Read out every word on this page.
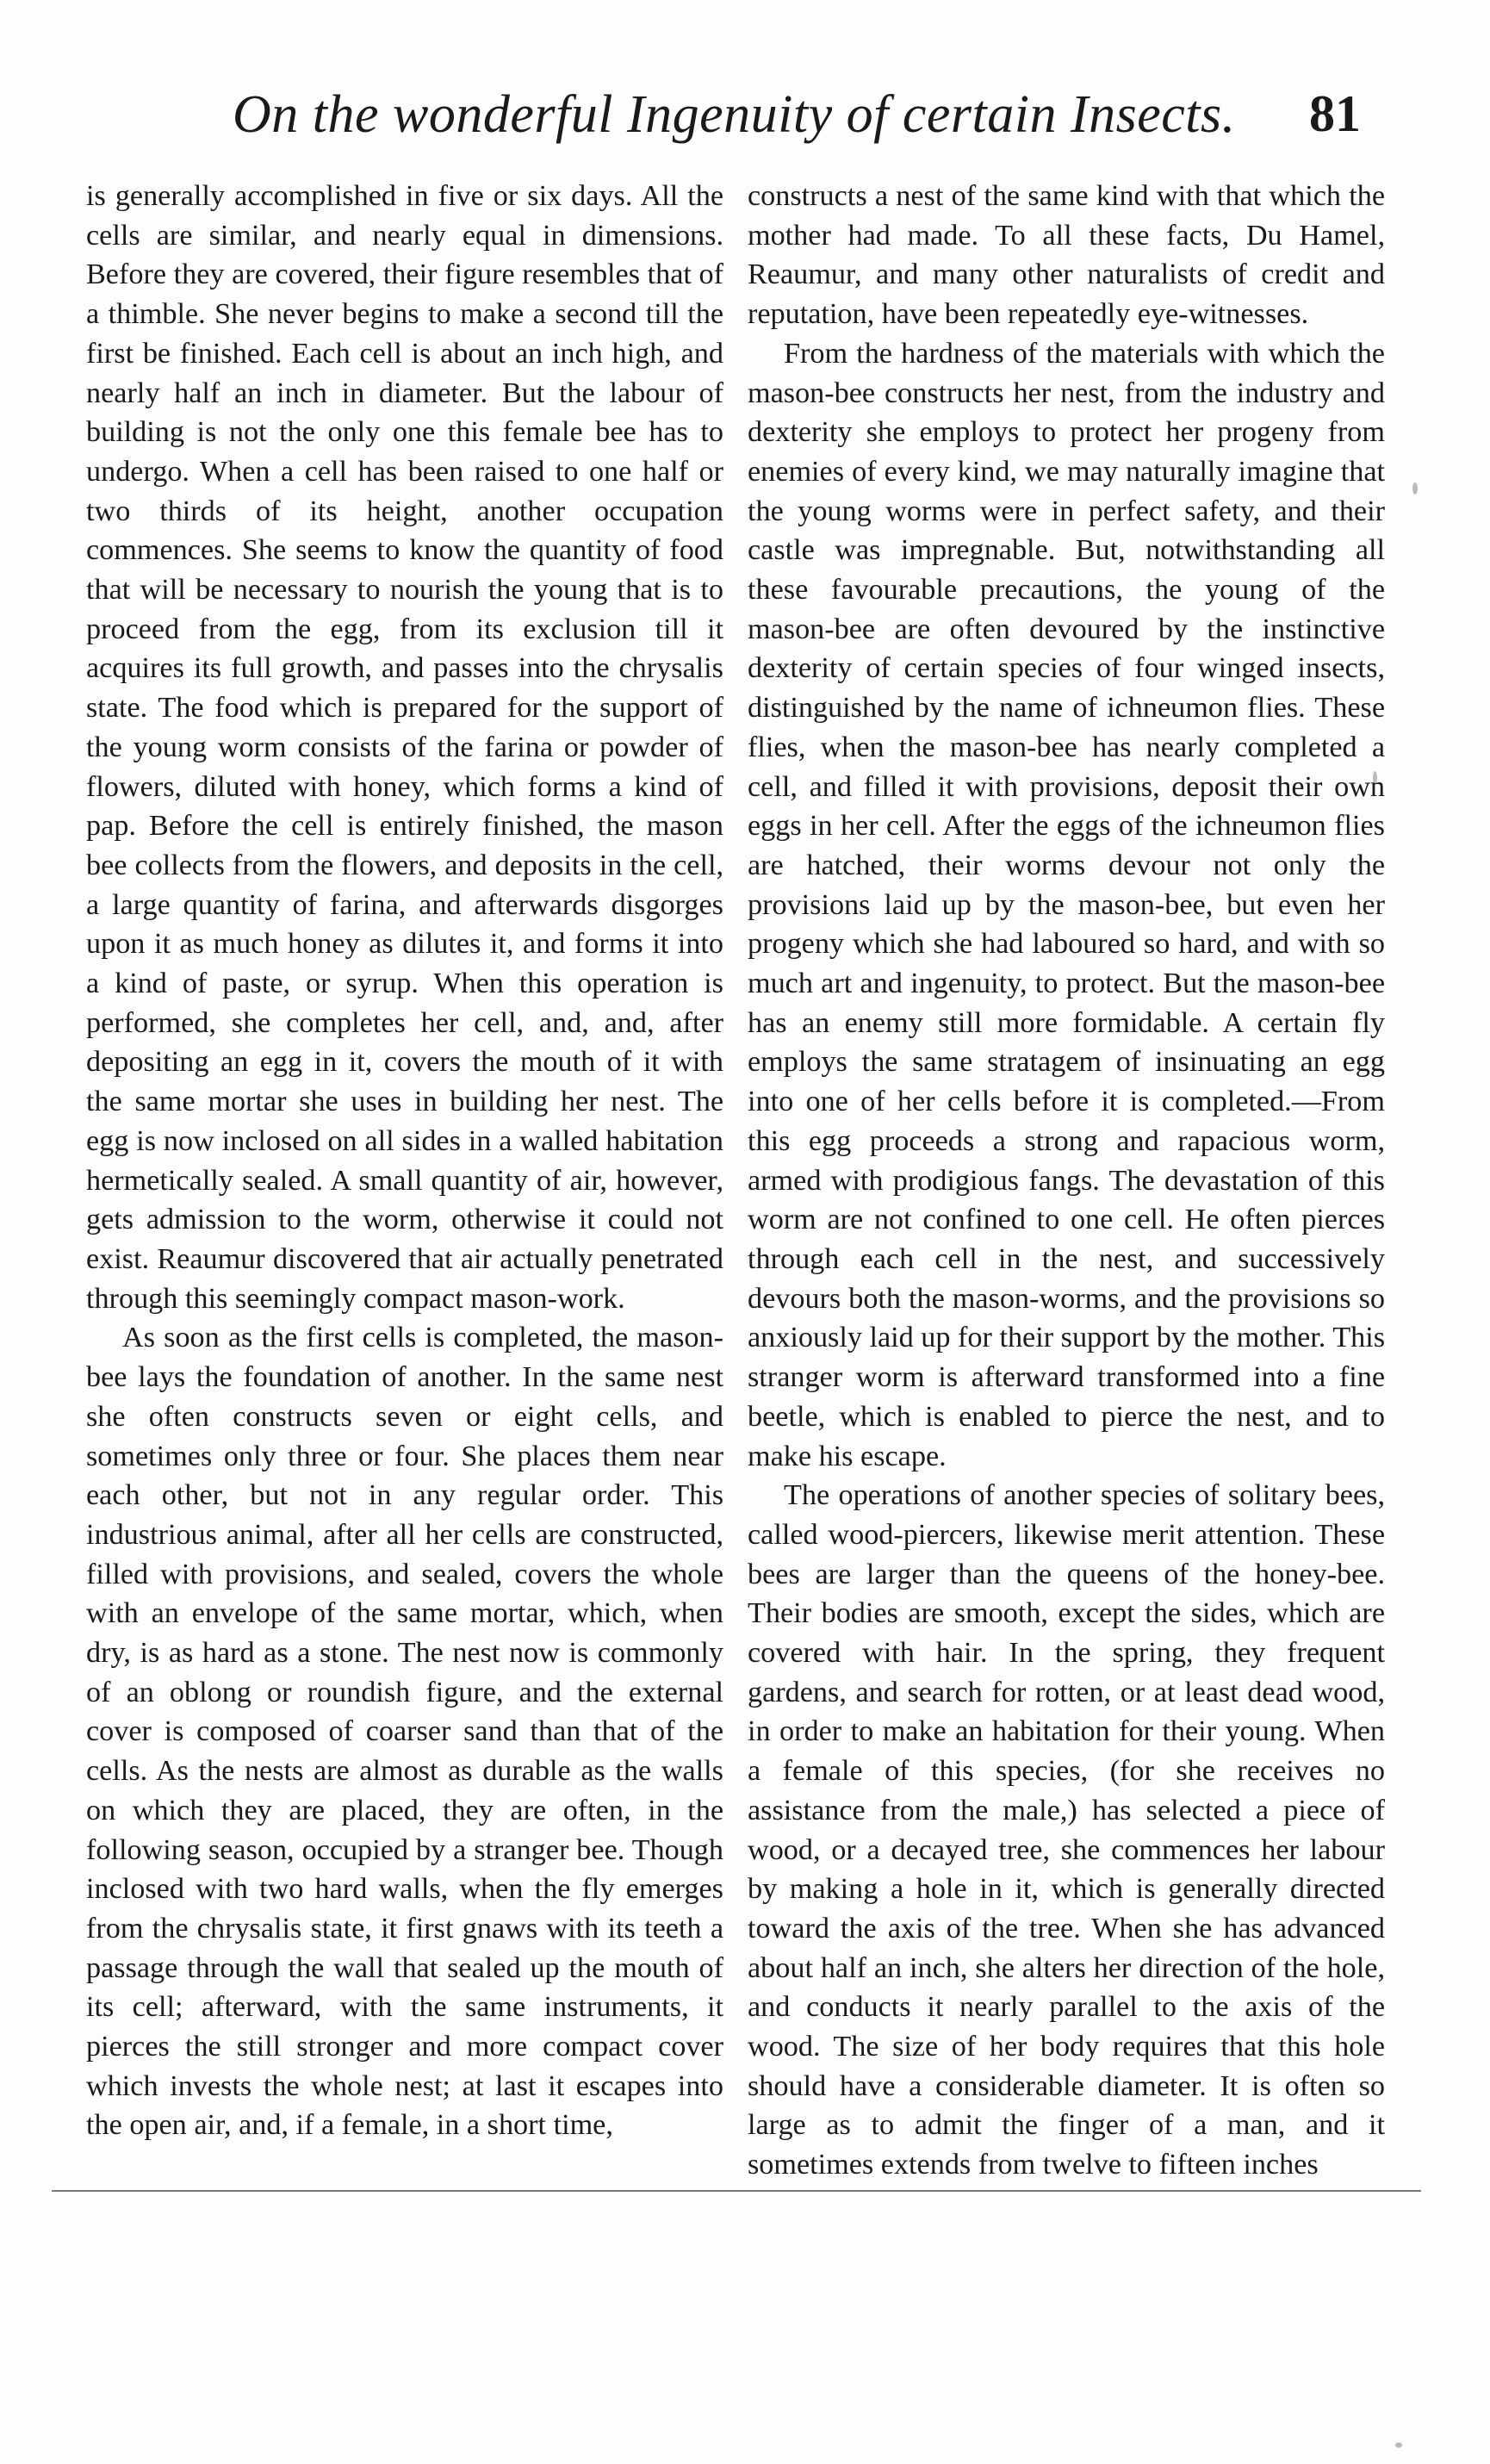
On the wonderful Ingenuity of certain Insects. 81

is generally accomplished in five or six days. All the cells are similar, and nearly equal in dimensions. Before they are covered, their figure resembles that of a thimble. She never begins to make a second till the first be finished. Each cell is about an inch high, and nearly half an inch in diameter. But the labour of building is not the only one this female bee has to undergo. When a cell has been raised to one half or two thirds of its height, another occupation commences. She seems to know the quantity of food that will be necessary to nourish the young that is to proceed from the egg, from its exclusion till it acquires its full growth, and passes into the chrysalis state. The food which is prepared for the support of the young worm consists of the farina or powder of flowers, diluted with honey, which forms a kind of pap. Before the cell is entirely finished, the mason bee collects from the flowers, and deposits in the cell, a large quantity of farina, and afterwards disgorges upon it as much honey as dilutes it, and forms it into a kind of paste, or syrup. When this operation is performed, she completes her cell, and, and, after depositing an egg in it, covers the mouth of it with the same mortar she uses in building her nest. The egg is now inclosed on all sides in a walled habitation hermetically sealed. A small quantity of air, however, gets admission to the worm, otherwise it could not exist. Reaumur discovered that air actually penetrated through this seemingly compact mason-work.

As soon as the first cells is completed, the mason-bee lays the foundation of another. In the same nest she often constructs seven or eight cells, and sometimes only three or four. She places them near each other, but not in any regular order. This industrious animal, after all her cells are constructed, filled with provisions, and sealed, covers the whole with an envelope of the same mortar, which, when dry, is as hard as a stone. The nest now is commonly of an oblong or roundish figure, and the external cover is composed of coarser sand than that of the cells. As the nests are almost as durable as the walls on which they are placed, they are often, in the following season, occupied by a stranger bee. Though inclosed with two hard walls, when the fly emerges from the chrysalis state, it first gnaws with its teeth a passage through the wall that sealed up the mouth of its cell; afterward, with the same instruments, it pierces the still stronger and more compact cover which invests the whole nest; at last it escapes into the open air, and, if a female, in a short time,

constructs a nest of the same kind with that which the mother had made. To all these facts, Du Hamel, Reaumur, and many other naturalists of credit and reputation, have been repeatedly eye-witnesses.

From the hardness of the materials with which the mason-bee constructs her nest, from the industry and dexterity she employs to protect her progeny from enemies of every kind, we may naturally imagine that the young worms were in perfect safety, and their castle was impregnable. But, notwithstanding all these favourable precautions, the young of the mason-bee are often devoured by the instinctive dexterity of certain species of four winged insects, distinguished by the name of ichneumon flies. These flies, when the mason-bee has nearly completed a cell, and filled it with provisions, deposit their own eggs in her cell. After the eggs of the ichneumon flies are hatched, their worms devour not only the provisions laid up by the mason-bee, but even her progeny which she had laboured so hard, and with so much art and ingenuity, to protect. But the mason-bee has an enemy still more formidable. A certain fly employs the same stratagem of insinuating an egg into one of her cells before it is completed.—From this egg proceeds a strong and rapacious worm, armed with prodigious fangs. The devastation of this worm are not confined to one cell. He often pierces through each cell in the nest, and successively devours both the mason-worms, and the provisions so anxiously laid up for their support by the mother. This stranger worm is afterward transformed into a fine beetle, which is enabled to pierce the nest, and to make his escape.

The operations of another species of solitary bees, called wood-piercers, likewise merit attention. These bees are larger than the queens of the honey-bee. Their bodies are smooth, except the sides, which are covered with hair. In the spring, they frequent gardens, and search for rotten, or at least dead wood, in order to make an habitation for their young. When a female of this species, (for she receives no assistance from the male,) has selected a piece of wood, or a decayed tree, she commences her labour by making a hole in it, which is generally directed toward the axis of the tree. When she has advanced about half an inch, she alters her direction of the hole, and conducts it nearly parallel to the axis of the wood. The size of her body requires that this hole should have a considerable diameter. It is often so large as to admit the finger of a man, and it sometimes extends from twelve to fifteen inches
